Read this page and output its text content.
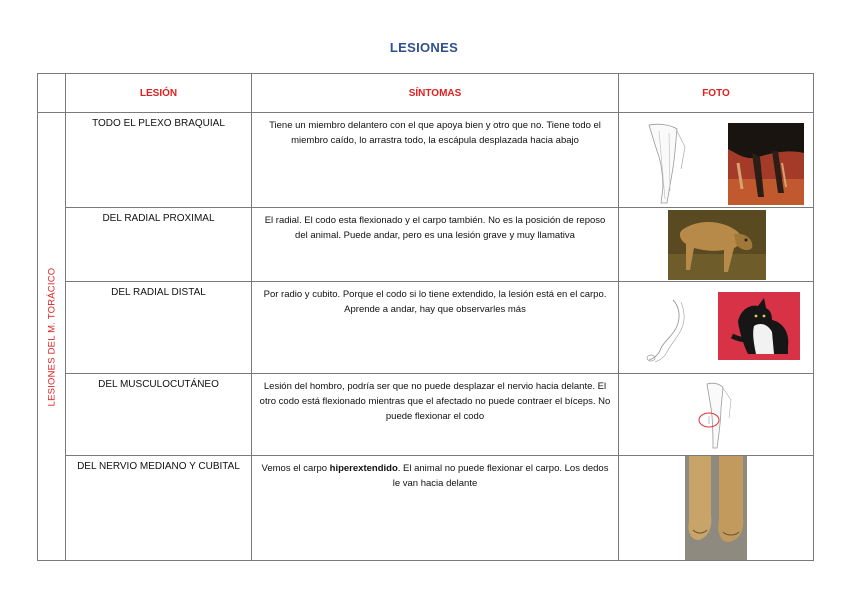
LESIONES
	LESIÓN	SÍNTOMAS	FOTO

LESIONES DEL M. TORÁCICO	TODO EL PLEXO BRAQUIAL	Tiene un miembro delantero con el que apoya bien y otro que no. Tiene todo el miembro caído, lo arrastra todo, la escápula desplazada hacia abajo	

	DEL RADIAL PROXIMAL	El radial. El codo esta flexionado y el carpo también. No es la posición de reposo del animal. Puede andar, pero es una lesión grave y muy llamativa	

	DEL RADIAL DISTAL	Por radio y cubito. Porque el codo si lo tiene extendido, la lesión está en el carpo. Aprende a andar, hay que observarles más	

	DEL MUSCULOCUTÁNEO	Lesión del hombro, podría ser que no puede desplazar el nervio hacia delante. El otro codo está flexionado mientras que el afectado no puede contraer el bíceps. No puede flexionar el codo	

	DEL NERVIO MEDIANO Y CUBITAL	Vemos el carpo hiperextendido. El animal no puede flexionar el carpo. Los dedos le van hacia delante	
